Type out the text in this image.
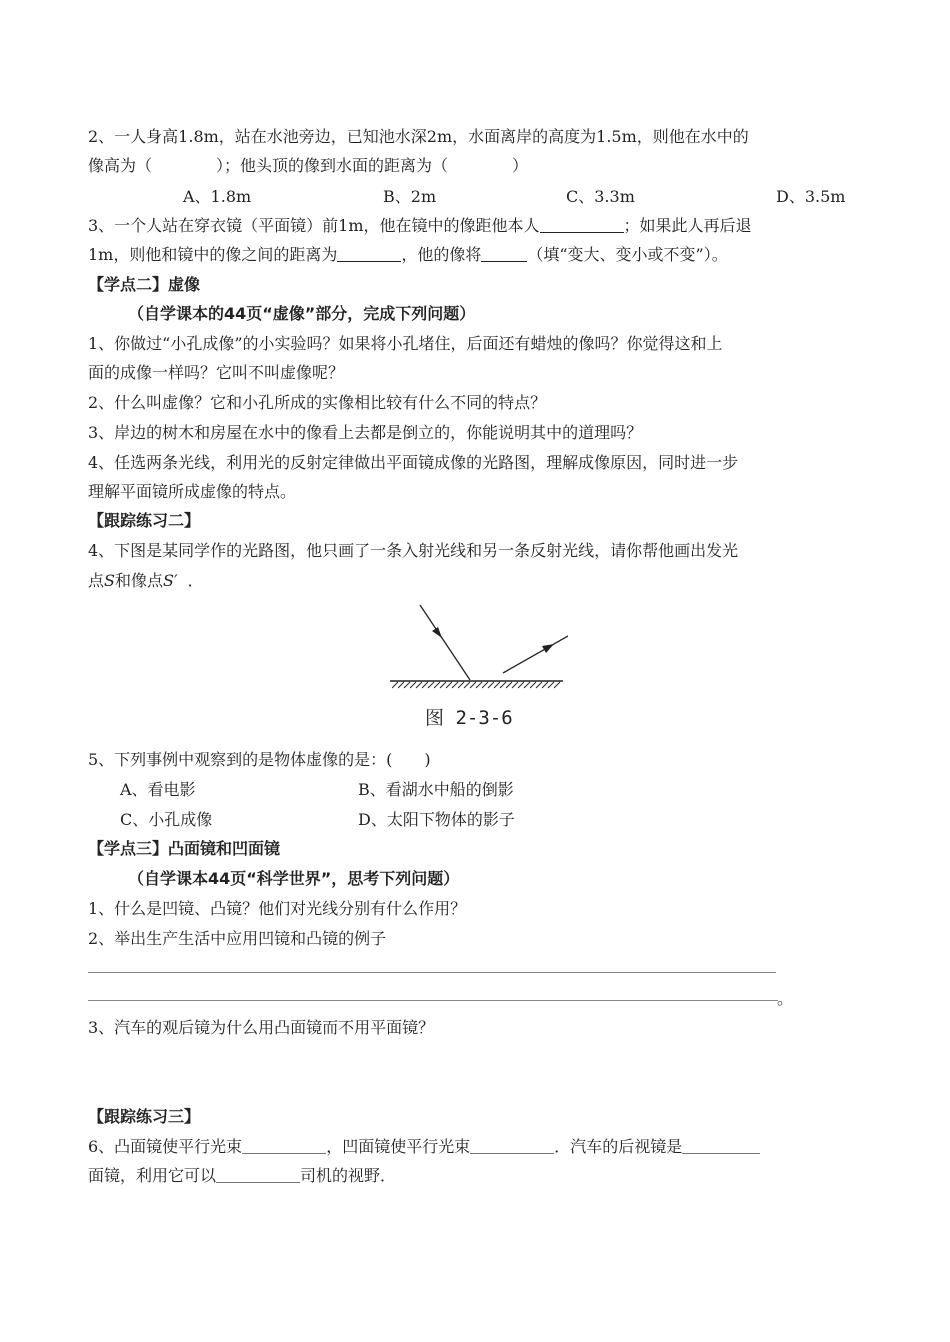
2、一人身高1.8m，站在水池旁边，已知池水深2m，水面离岸的高度为1.5m，则他在水中的
像高为（　　　　）；他头顶的像到水面的距离为（　　　　）
A、1.8m	B、2m	C、3.3m	D、3.5m
3、一个人站在穿衣镜（平面镜）前1m，他在镜中的像距他本人	；如果此人再后退
1m，则他和镜中的像之间的距离为	，他的像将	（填“变大、变小或不变”）。
【学点二】虚像
（自学课本的44页“虚像”部分，完成下列问题）
1、你做过“小孔成像”的小实验吗？如果将小孔堵住，后面还有蜡烛的像吗？你觉得这和上
面的成像一样吗？它叫不叫虚像呢？
2、什么叫虚像？它和小孔所成的实像相比较有什么不同的特点？
3、岸边的树木和房屋在水中的像看上去都是倒立的，你能说明其中的道理吗？
4、任选两条光线，利用光的反射定律做出平面镜成像的光路图，理解成像原因，同时进一步
理解平面镜所成虚像的特点。
【跟踪练习二】
4、下图是某同学作的光路图，他只画了一条入射光线和另一条反射光线，请你帮他画出发光
点S和像点S′ ．
图 2-3-6
5、下列事例中观察到的是物体虚像的是：(　　)
A、看电影	B、看湖水中船的倒影
C、小孔成像	D、太阳下物体的影子
【学点三】凸面镜和凹面镜
（自学课本44页“科学世界”，思考下列问题）
1、什么是凹镜、凸镜？他们对光线分别有什么作用？
2、举出生产生活中应用凹镜和凸镜的例子
。
3、汽车的观后镜为什么用凸面镜而不用平面镜？
【跟踪练习三】
6、凸面镜使平行光束	，凹面镜使平行光束	．汽车的后视镜是
面镜，利用它可以	司机的视野．
